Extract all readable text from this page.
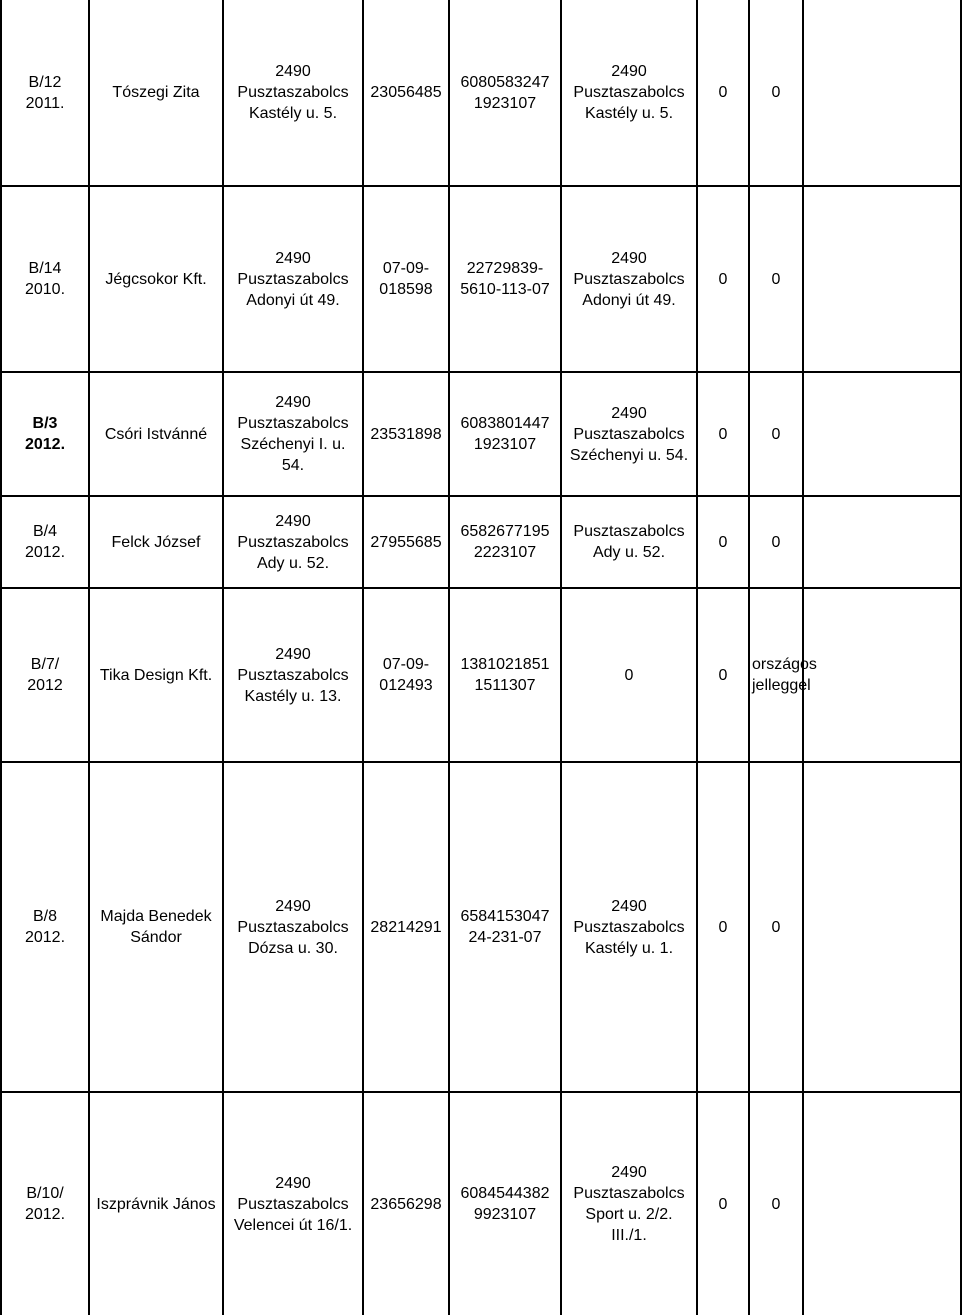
B/12
2011.	Tószegi Zita	2490
Pusztaszabolcs
Kastély u. 5.	23056485	6080583247
1923107	2490
Pusztaszabolcs
Kastély u. 5.	0	0	
B/14
2010.	Jégcsokor Kft.	2490
Pusztaszabolcs
Adonyi út 49.	07-09-
018598	22729839-
5610-113-07	2490
Pusztaszabolcs
Adonyi út 49.	0	0	
B/3
2012.	Csóri Istvánné	2490
Pusztaszabolcs
Széchenyi I. u.
54.	23531898	6083801447
1923107	2490
Pusztaszabolcs
Széchenyi u. 54.	0	0	
B/4
2012.	Felck József	2490
Pusztaszabolcs
Ady u. 52.	27955685	6582677195
2223107	Pusztaszabolcs
Ady u. 52.	0	0	
B/7/
2012	Tika Design Kft.	2490
Pusztaszabolcs
Kastély u. 13.	07-09-
012493	1381021851
1511307	0	0	országos jelleggel	
B/8
2012.	Majda Benedek
Sándor	2490
Pusztaszabolcs
Dózsa u. 30.	28214291	6584153047
24-231-07	2490
Pusztaszabolcs
Kastély u. 1.	0	0	
B/10/
2012.	Iszprávnik János	2490
Pusztaszabolcs
Velencei út 16/1.	23656298	6084544382
9923107	2490
Pusztaszabolcs
Sport u. 2/2.
III./1.	0	0	
